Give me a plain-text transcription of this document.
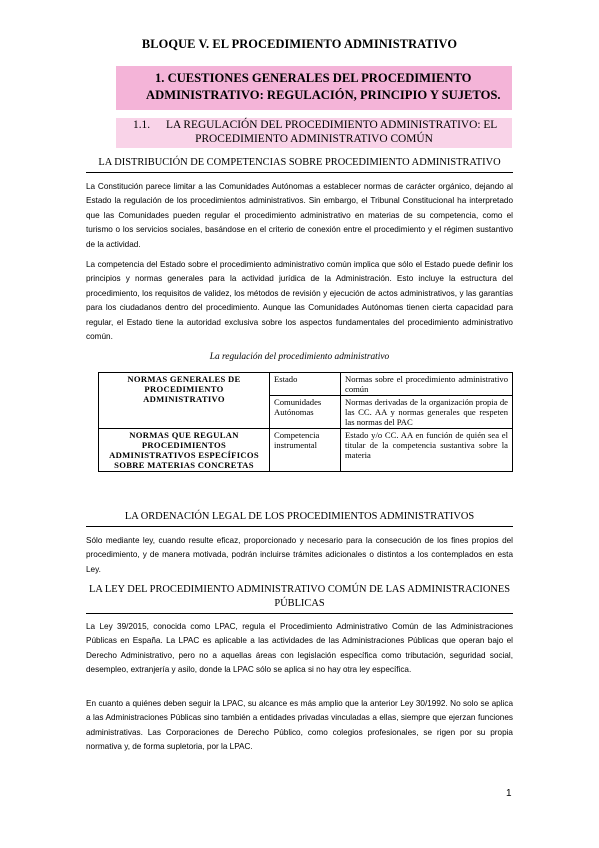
BLOQUE V. EL PROCEDIMIENTO ADMINISTRATIVO
1. CUESTIONES GENERALES DEL PROCEDIMIENTO
ADMINISTRATIVO: REGULACIÓN, PRINCIPIO Y SUJETOS.
1.1. LA REGULACIÓN DEL PROCEDIMIENTO ADMINISTRATIVO: EL
PROCEDIMIENTO ADMINISTRATIVO COMÚN
LA DISTRIBUCIÓN DE COMPETENCIAS SOBRE PROCEDIMIENTO ADMINISTRATIVO
La Constitución parece limitar a las Comunidades Autónomas a establecer normas de carácter orgánico, dejando al Estado la regulación de los procedimientos administrativos. Sin embargo, el Tribunal Constitucional ha interpretado que las Comunidades pueden regular el procedimiento administrativo en materias de su competencia, como el turismo o los servicios sociales, basándose en el criterio de conexión entre el procedimiento y el régimen sustantivo de la actividad.
La competencia del Estado sobre el procedimiento administrativo común implica que sólo el Estado puede definir los principios y normas generales para la actividad jurídica de la Administración. Esto incluye la estructura del procedimiento, los requisitos de validez, los métodos de revisión y ejecución de actos administrativos, y las garantías para los ciudadanos dentro del procedimiento. Aunque las Comunidades Autónomas tienen cierta capacidad para regular, el Estado tiene la autoridad exclusiva sobre los aspectos fundamentales del procedimiento administrativo común.
La regulación del procedimiento administrativo
NORMAS GENERALES DE PROCEDIMIENTO ADMINISTRATIVO	Estado	Normas sobre el procedimiento administrativo común
	Comunidades Autónomas	Normas derivadas de la organización propia de las CC. AA y normas generales que respeten las normas del PAC
NORMAS QUE REGULAN PROCEDIMIENTOS ADMINISTRATIVOS ESPECÍFICOS SOBRE MATERIAS CONCRETAS	Competencia instrumental	Estado y/o CC. AA en función de quién sea el titular de la competencia sustantiva sobre la materia
LA ORDENACIÓN LEGAL DE LOS PROCEDIMIENTOS ADMINISTRATIVOS
Sólo mediante ley, cuando resulte eficaz, proporcionado y necesario para la consecución de los fines propios del procedimiento, y de manera motivada, podrán incluirse trámites adicionales o distintos a los contemplados en esta Ley.
LA LEY DEL PROCEDIMIENTO ADMINISTRATIVO COMÚN DE LAS ADMINISTRACIONES PÚBLICAS
La Ley 39/2015, conocida como LPAC, regula el Procedimiento Administrativo Común de las Administraciones Públicas en España. La LPAC es aplicable a las actividades de las Administraciones Públicas que operan bajo el Derecho Administrativo, pero no a aquellas áreas con legislación específica como tributación, seguridad social, desempleo, extranjería y asilo, donde la LPAC sólo se aplica si no hay otra ley específica.
En cuanto a quiénes deben seguir la LPAC, su alcance es más amplio que la anterior Ley 30/1992. No solo se aplica a las Administraciones Públicas sino también a entidades privadas vinculadas a ellas, siempre que ejerzan funciones administrativas. Las Corporaciones de Derecho Público, como colegios profesionales, se rigen por su propia normativa y, de forma supletoria, por la LPAC.
1
